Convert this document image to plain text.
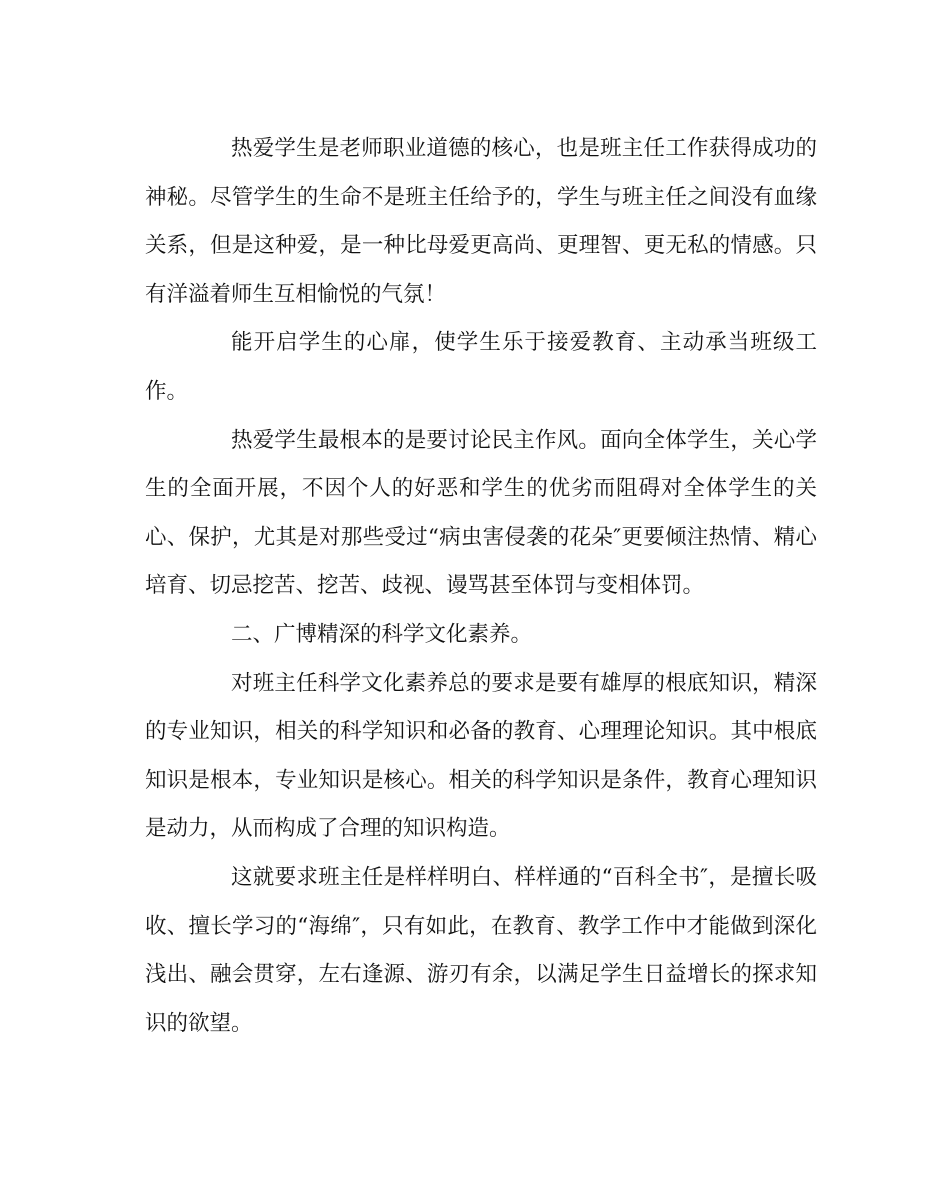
热爱学生是老师职业道德的核心，也是班主任工作获得成功的神秘。尽管学生的生命不是班主任给予的，学生与班主任之间没有血缘关系，但是这种爱，是一种比母爱更高尚、更理智、更无私的情感。只有洋溢着师生互相愉悦的气氛！

能开启学生的心扉，使学生乐于接爱教育、主动承当班级工作。

热爱学生最根本的是要讨论民主作风。面向全体学生，关心学生的全面开展，不因个人的好恶和学生的优劣而阻碍对全体学生的关心、保护，尤其是对那些受过“病虫害侵袭的花朵″更要倾注热情、精心培育、切忌挖苦、挖苦、歧视、谩骂甚至体罚与变相体罚。

二、广博精深的科学文化素养。

对班主任科学文化素养总的要求是要有雄厚的根底知识，精深的专业知识，相关的科学知识和必备的教育、心理理论知识。其中根底知识是根本，专业知识是核心。相关的科学知识是条件，教育心理知识是动力，从而构成了合理的知识构造。

这就要求班主任是样样明白、样样通的“百科全书″，是擅长吸收、擅长学习的“海绵″，只有如此，在教育、教学工作中才能做到深化浅出、融会贯穿，左右逢源、游刃有余，以满足学生日益增长的探求知识的欲望。
